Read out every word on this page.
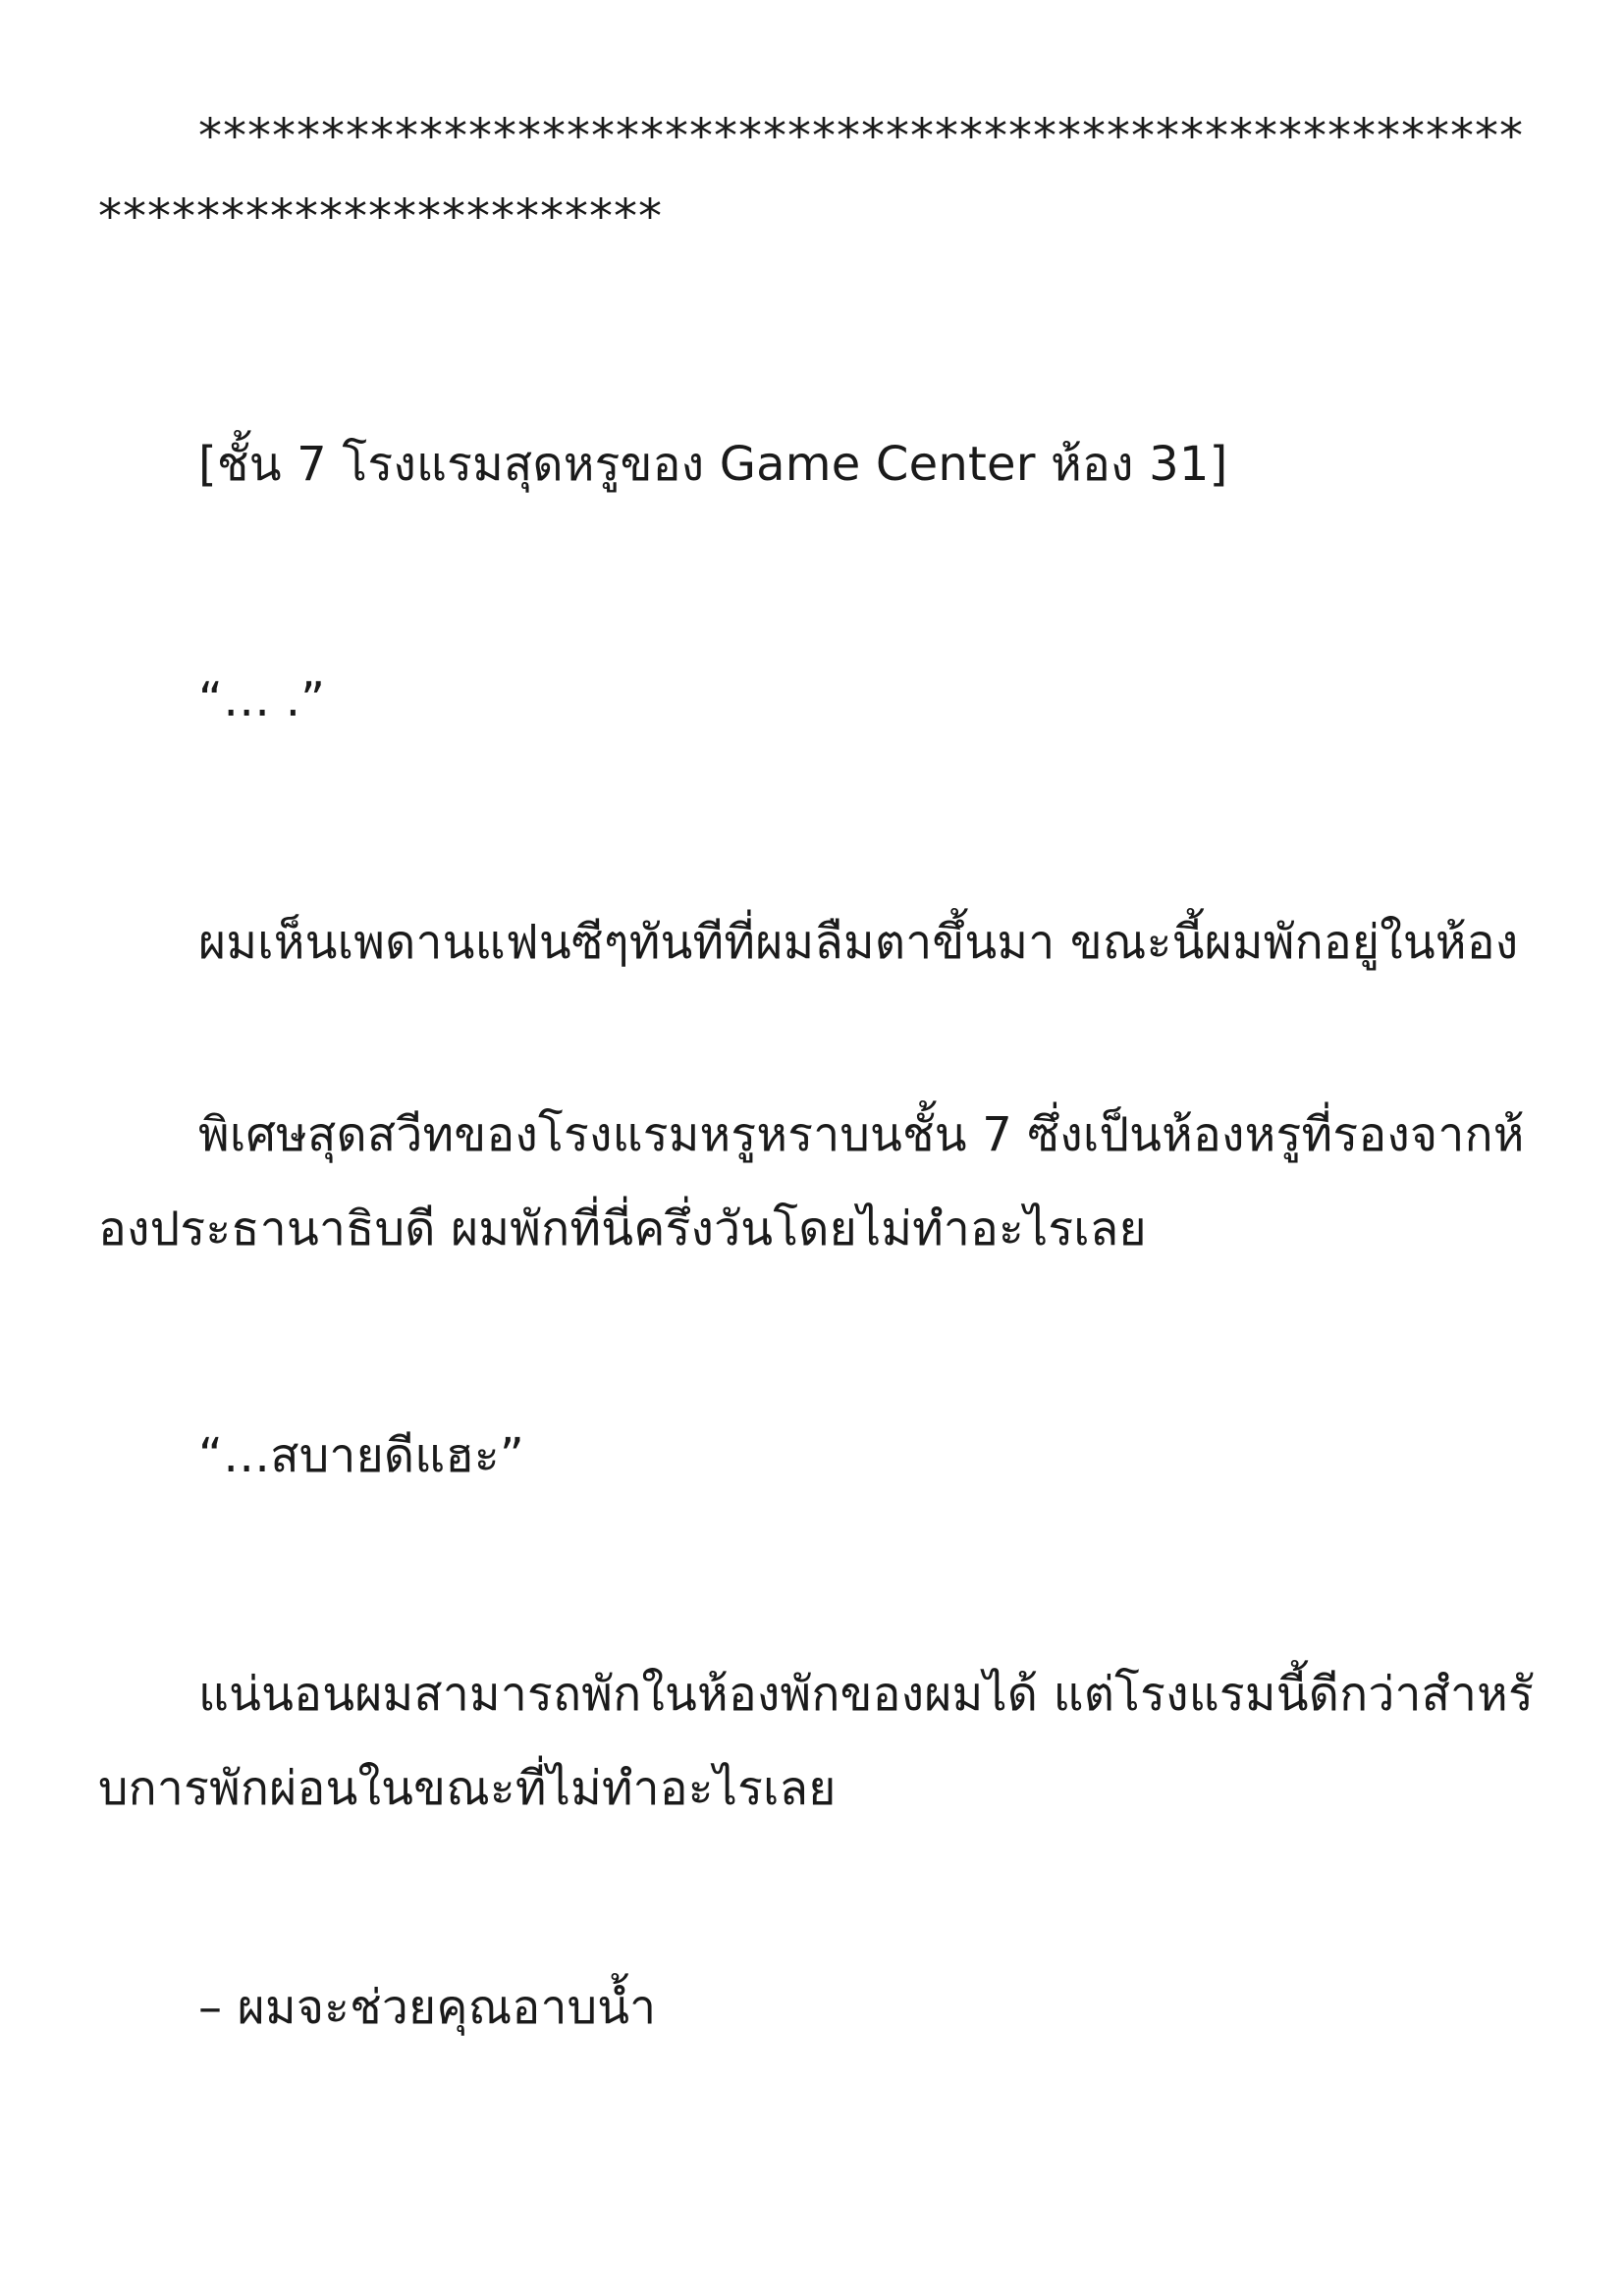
*****************************************************************************

[ชั้น 7 โรงแรมสุดหรูของ Game Center ห้อง 31]

“… .”

ผมเห็นเพดานแฟนซีๆทันทีที่ผมลืมตาขึ้นมา ขณะนี้ผมพักอยู่ในห้อง

พิเศษสุดสวีทของโรงแรมหรูหราบนชั้น 7 ซึ่งเป็นห้องหรูที่รองจากห้องประธานาธิบดี ผมพักที่นี่ครึ่งวันโดยไม่ทำอะไรเลย

“…สบายดีแฮะ”

แน่นอนผมสามารถพักในห้องพักของผมได้ แต่โรงแรมนี้ดีกว่าสำหรับการพักผ่อนในขณะที่ไม่ทำอะไรเลย

– ผมจะช่วยคุณอาบน้ำ
